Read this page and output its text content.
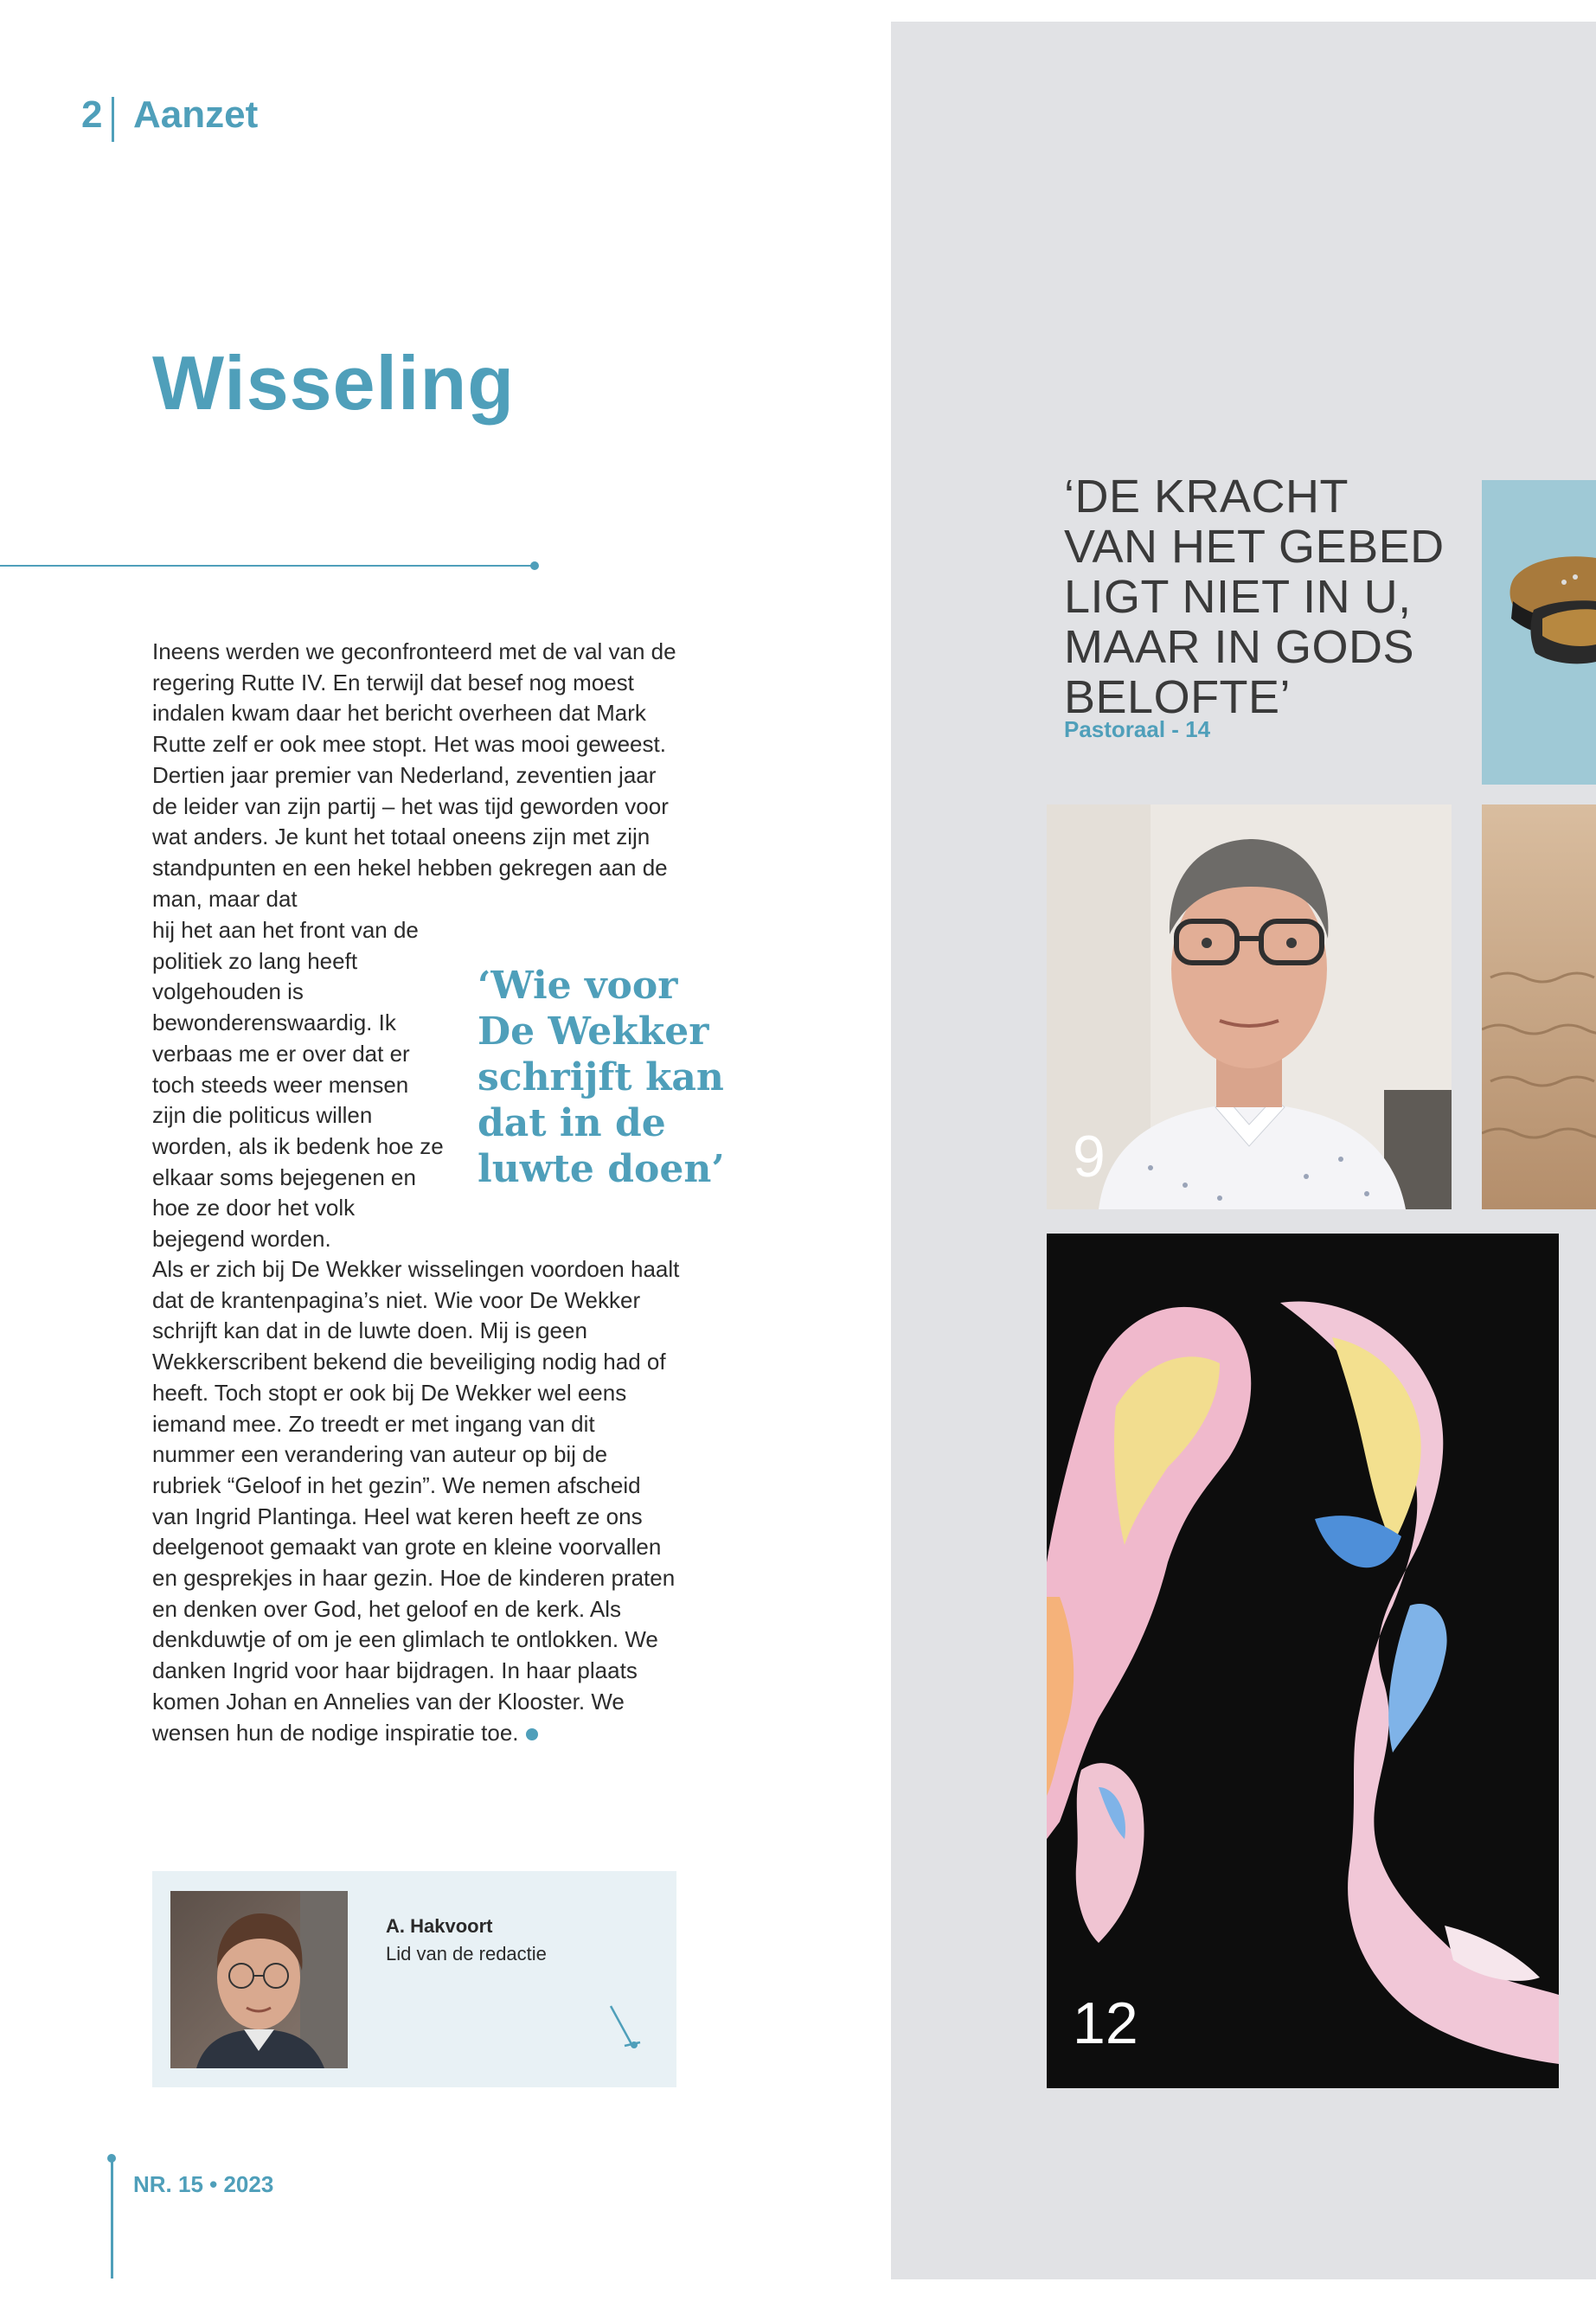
2 Aanzet
Wisseling
Ineens werden we geconfronteerd met de val van de regering Rutte IV. En terwijl dat besef nog moest indalen kwam daar het bericht overheen dat Mark Rutte zelf er ook mee stopt. Het was mooi geweest. Dertien jaar premier van Nederland, zeventien jaar de leider van zijn partij – het was tijd geworden voor wat anders. Je kunt het totaal oneens zijn met zijn standpunten en een hekel hebben gekregen aan de man, maar dat
hij het aan het front van de politiek zo lang heeft volgehouden is bewonderenswaardig. Ik verbaas me er over dat er toch steeds weer mensen zijn die politicus willen worden, als ik bedenk hoe ze elkaar soms bejegenen en hoe ze door het volk bejegend worden.
Als er zich bij De Wekker wisselingen voordoen haalt dat de krantenpagina’s niet. Wie voor De Wekker schrijft kan dat in de luwte doen. Mij is geen Wekkerscribent bekend die beveiliging nodig had of heeft. Toch stopt er ook bij De Wekker wel eens iemand mee. Zo treedt er met ingang van dit nummer een verandering van auteur op bij de rubriek “Geloof in het gezin”. We nemen afscheid van Ingrid Plantinga. Heel wat keren heeft ze ons deelgenoot gemaakt van grote en kleine voorvallen en gesprekjes in haar gezin. Hoe de kinderen praten en denken over God, het geloof en de kerk. Als denkduwtje of om je een glimlach te ontlokken. We danken Ingrid voor haar bijdragen. In haar plaats komen Johan en Annelies van der Klooster. We wensen hun de nodige inspiratie toe.
‘Wie voor De Wekker schrijft kan dat in de luwte doen’
A. Hakvoort
Lid van de redactie
NR. 15 • 2023
‘DE KRACHT VAN HET GEBED LIGT NIET IN U, MAAR IN GODS BELOFTE’
Pastoraal - 14
9
12
